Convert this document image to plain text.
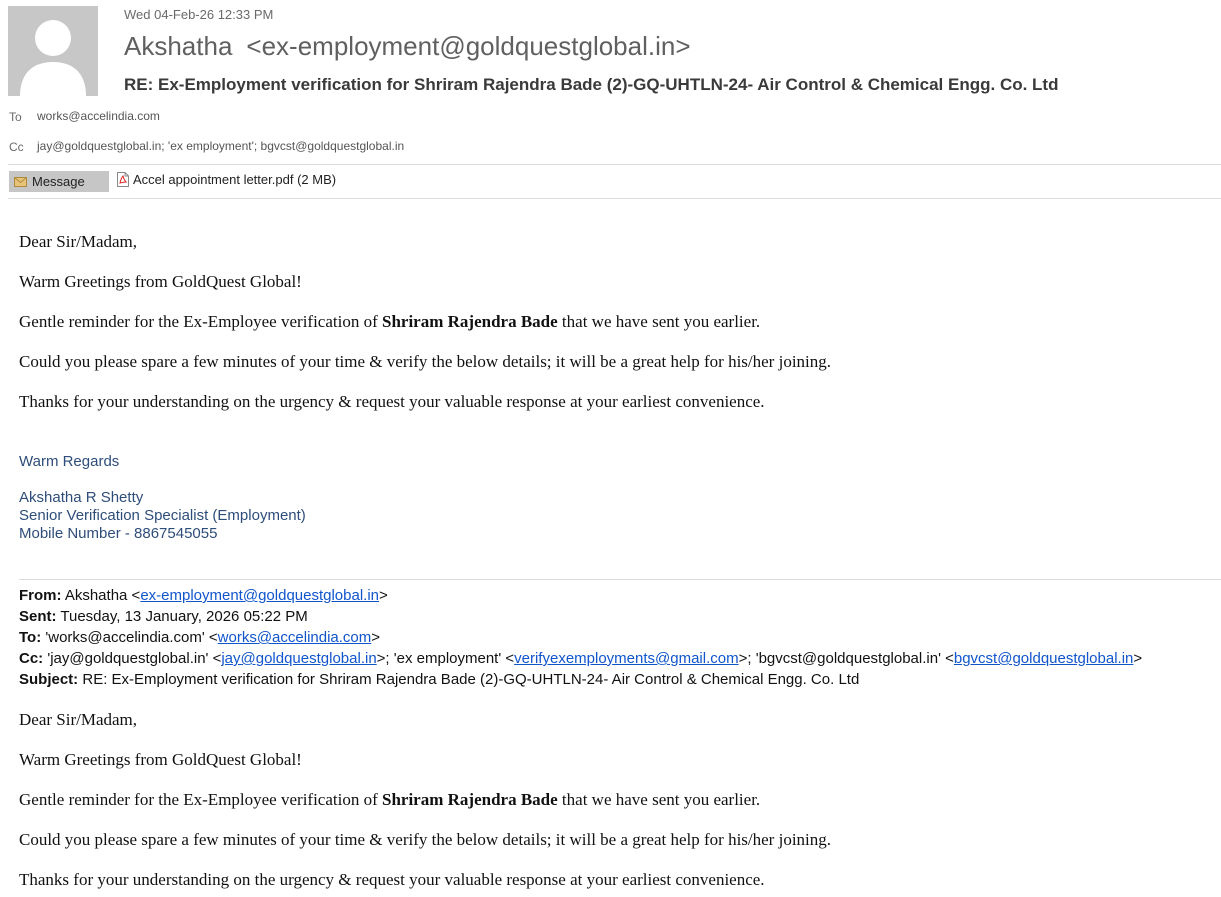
Wed 04-Feb-26 12:33 PM
Akshatha <ex-employment@goldquestglobal.in>
RE: Ex-Employment verification for Shriram Rajendra Bade (2)-GQ-UHTLN-24- Air Control & Chemical Engg. Co. Ltd
To works@accelindia.com
Cc jay@goldquestglobal.in; 'ex employment'; bgvcst@goldquestglobal.in
Message	Accel appointment letter.pdf
(2 MB)
Dear Sir/Madam,
Warm Greetings from GoldQuest Global!
Gentle reminder for the Ex-Employee verification of Shriram Rajendra Bade that we have sent you earlier.
Could you please spare a few minutes of your time & verify the below details; it will be a great help for his/her joining.
Thanks for your understanding on the urgency & request your valuable response at your earliest convenience.
Warm Regards
Akshatha R Shetty
Senior Verification Specialist (Employment)
Mobile Number - 8867545055
From: Akshatha <ex-employment@goldquestglobal.in>
Sent: Tuesday, 13 January, 2026 05:22 PM
To: 'works@accelindia.com' <works@accelindia.com>
Cc: 'jay@goldquestglobal.in' <jay@goldquestglobal.in>; 'ex employment' <verifyexemployments@gmail.com>; 'bgvcst@goldquestglobal.in' <bgvcst@goldquestglobal.in>
Subject: RE: Ex-Employment verification for Shriram Rajendra Bade (2)-GQ-UHTLN-24- Air Control & Chemical Engg. Co. Ltd
Dear Sir/Madam,
Warm Greetings from GoldQuest Global!
Gentle reminder for the Ex-Employee verification of Shriram Rajendra Bade that we have sent you earlier.
Could you please spare a few minutes of your time & verify the below details; it will be a great help for his/her joining.
Thanks for your understanding on the urgency & request your valuable response at your earliest convenience.
